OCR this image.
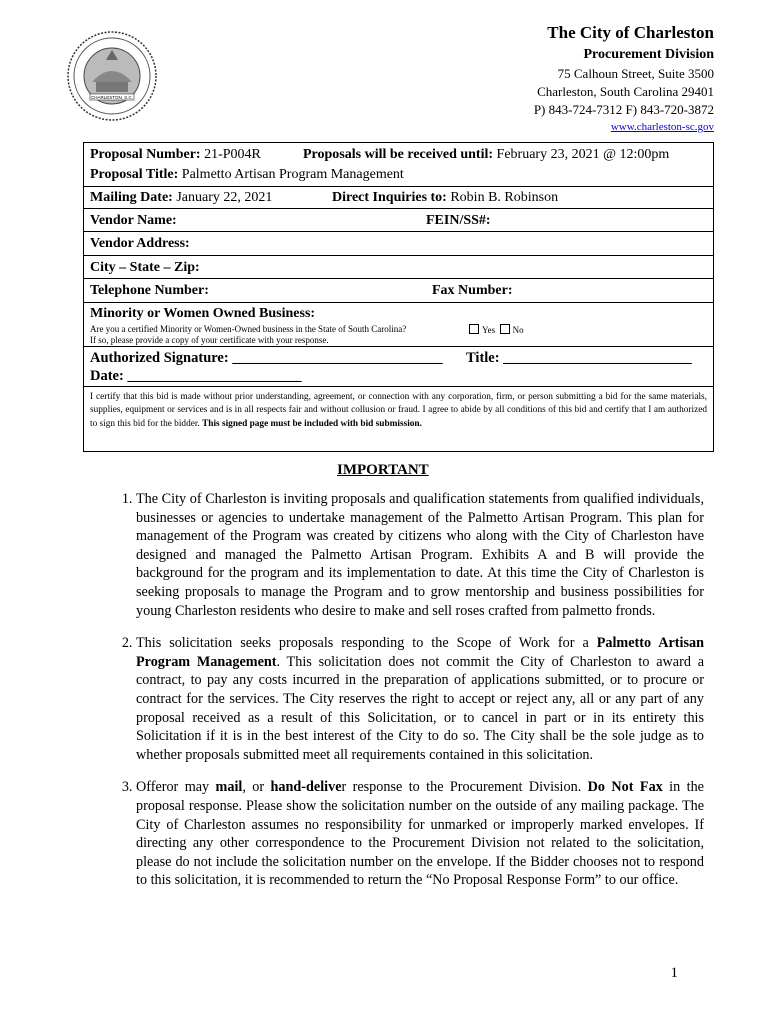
CHARLESTON, S.C.
The City of Charleston
Procurement Division
75 Calhoun Street, Suite 3500
Charleston, South Carolina 29401
P) 843-724-7312 F) 843-720-3872
www.charleston-sc.gov
Proposal Number: 21-P004R	Proposals will be received until: February 23, 2021 @ 12:00pm
Proposal Title: Palmetto Artisan Program Management
Mailing Date: January 22, 2021	Direct Inquiries to: Robin B. Robinson
Vendor Name:	FEIN/SS#:
Vendor Address:
City – State – Zip:
Telephone Number:	Fax Number:
Minority or Women Owned Business:
Are you a certified Minority or Women-Owned business in the State of South Carolina?
If so, please provide a copy of your certificate with your response.
Yes No
Authorized Signature: _____________________________ Title: __________________________
Date: ________________________
I certify that this bid is made without prior understanding, agreement, or connection with any corporation, firm, or person submitting a bid for the same materials, supplies, equipment or services and is in all respects fair and without collusion or fraud. I agree to abide by all conditions of this bid and certify that I am authorized to sign this bid for the bidder. This signed page must be included with bid submission.
IMPORTANT
1. The City of Charleston is inviting proposals and qualification statements from qualified individuals, businesses or agencies to undertake management of the Palmetto Artisan Program. This plan for management of the Program was created by citizens who along with the City of Charleston have designed and managed the Palmetto Artisan Program. Exhibits A and B will provide the background for the program and its implementation to date. At this time the City of Charleston is seeking proposals to manage the Program and to grow mentorship and business possibilities for young Charleston residents who desire to make and sell roses crafted from palmetto fronds.
2. This solicitation seeks proposals responding to the Scope of Work for a Palmetto Artisan Program Management. This solicitation does not commit the City of Charleston to award a contract, to pay any costs incurred in the preparation of applications submitted, or to procure or contract for the services. The City reserves the right to accept or reject any, all or any part of any proposal received as a result of this Solicitation, or to cancel in part or in its entirety this Solicitation if it is in the best interest of the City to do so. The City shall be the sole judge as to whether proposals submitted meet all requirements contained in this solicitation.
3. Offeror may mail, or hand-deliver response to the Procurement Division. Do Not Fax in the proposal response. Please show the solicitation number on the outside of any mailing package. The City of Charleston assumes no responsibility for unmarked or improperly marked envelopes. If directing any other correspondence to the Procurement Division not related to the solicitation, please do not include the solicitation number on the envelope. If the Bidder chooses not to respond to this solicitation, it is recommended to return the “No Proposal Response Form” to our office.
1
